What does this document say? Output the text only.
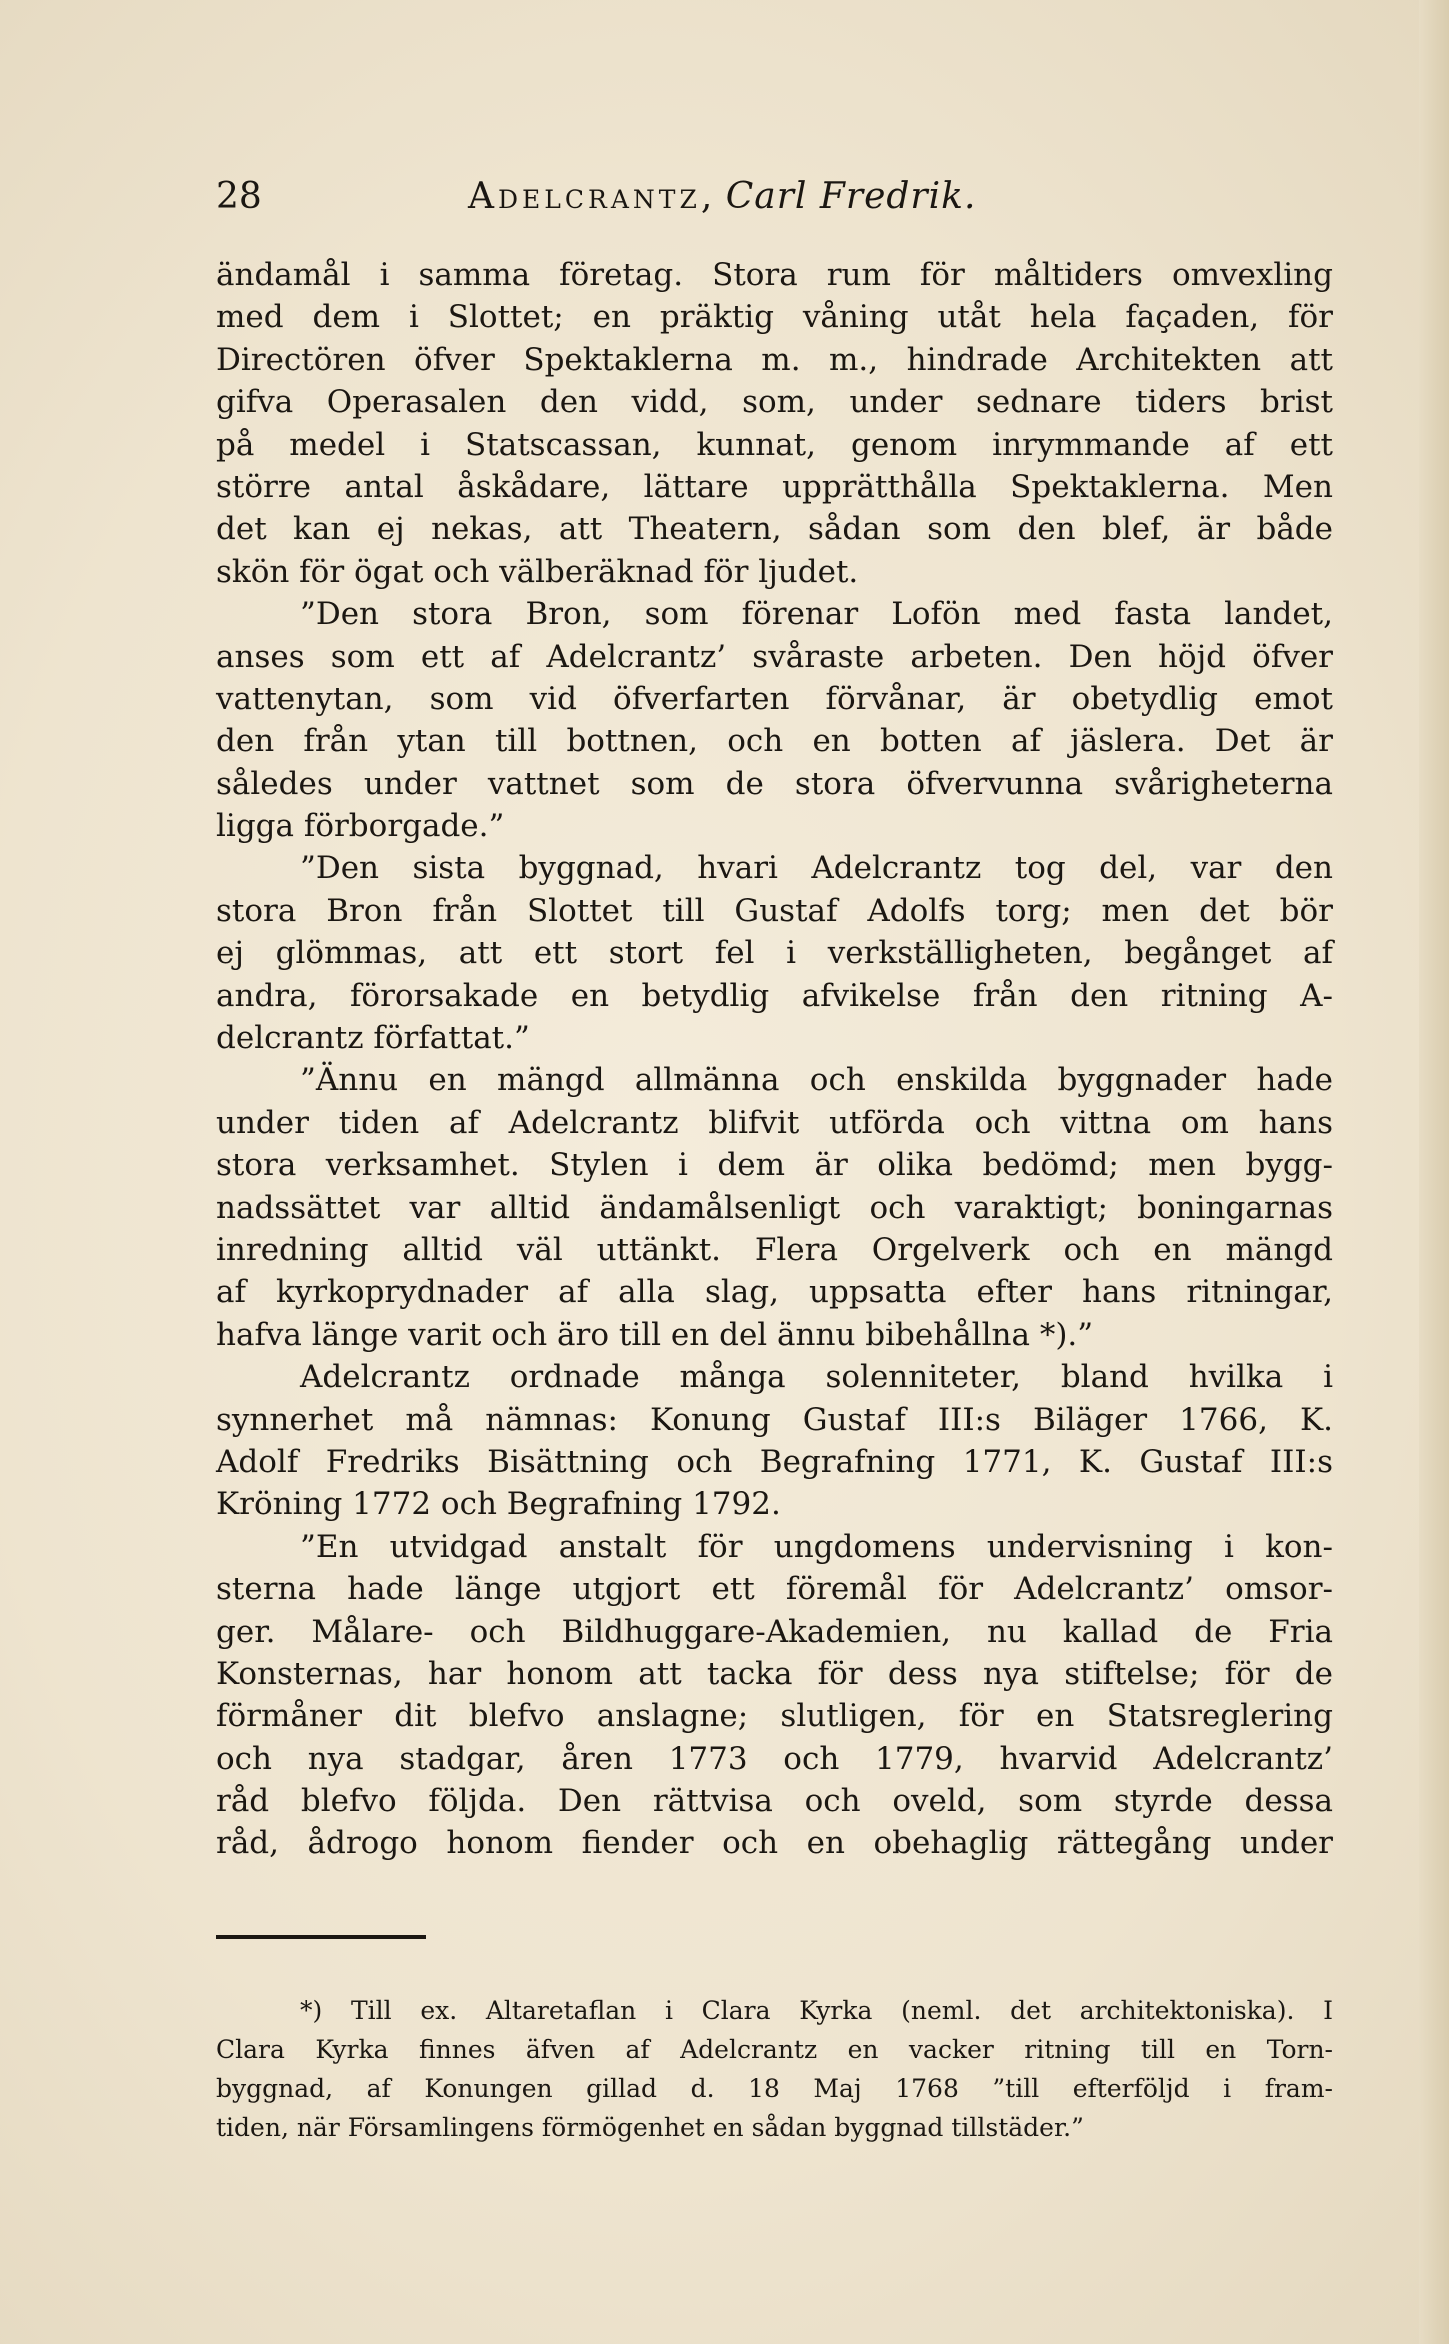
28	Adelcrantz, Carl Fredrik.
ändamål i samma företag. Stora rum för måltiders omvexling
med dem i Slottet; en präktig våning utåt hela façaden, för
Directören öfver Spektaklerna m. m., hindrade Architekten att
gifva Operasalen den vidd, som, under sednare tiders brist
på medel i Statscassan, kunnat, genom inrymmande af ett
större antal åskådare, lättare upprätthålla Spektaklerna. Men
det kan ej nekas, att Theatern, sådan som den blef, är både
skön för ögat och välberäknad för ljudet.
”Den stora Bron, som förenar Lofön med fasta landet,
anses som ett af Adelcrantz’ svåraste arbeten. Den höjd öfver
vattenytan, som vid öfverfarten förvånar, är obetydlig emot
den från ytan till bottnen, och en botten af jäslera. Det är
således under vattnet som de stora öfvervunna svårigheterna
ligga förborgade.”
”Den sista byggnad, hvari Adelcrantz tog del, var den
stora Bron från Slottet till Gustaf Adolfs torg; men det bör
ej glömmas, att ett stort fel i verkställigheten, begånget af
andra, förorsakade en betydlig afvikelse från den ritning A-
delcrantz författat.”
”Ännu en mängd allmänna och enskilda byggnader hade
under tiden af Adelcrantz blifvit utförda och vittna om hans
stora verksamhet. Stylen i dem är olika bedömd; men bygg-
nadssättet var alltid ändamålsenligt och varaktigt; boningarnas
inredning alltid väl uttänkt. Flera Orgelverk och en mängd
af kyrkoprydnader af alla slag, uppsatta efter hans ritningar,
hafva länge varit och äro till en del ännu bibehållna *).”
Adelcrantz ordnade många solenniteter, bland hvilka i
synnerhet må nämnas: Konung Gustaf III:s Biläger 1766, K.
Adolf Fredriks Bisättning och Begrafning 1771, K. Gustaf III:s
Kröning 1772 och Begrafning 1792.
”En utvidgad anstalt för ungdomens undervisning i kon-
sterna hade länge utgjort ett föremål för Adelcrantz’ omsor-
ger. Målare- och Bildhuggare-Akademien, nu kallad de Fria
Konsternas, har honom att tacka för dess nya stiftelse; för de
förmåner dit blefvo anslagne; slutligen, för en Statsreglering
och nya stadgar, åren 1773 och 1779, hvarvid Adelcrantz’
råd blefvo följda. Den rättvisa och oveld, som styrde dessa
råd, ådrogo honom fiender och en obehaglig rättegång under
*) Till ex. Altaretaflan i Clara Kyrka (neml. det architektoniska). I
Clara Kyrka finnes äfven af Adelcrantz en vacker ritning till en Torn-
byggnad, af Konungen gillad d. 18 Maj 1768 ”till efterföljd i fram-
tiden, när Församlingens förmögenhet en sådan byggnad tillstäder.”
